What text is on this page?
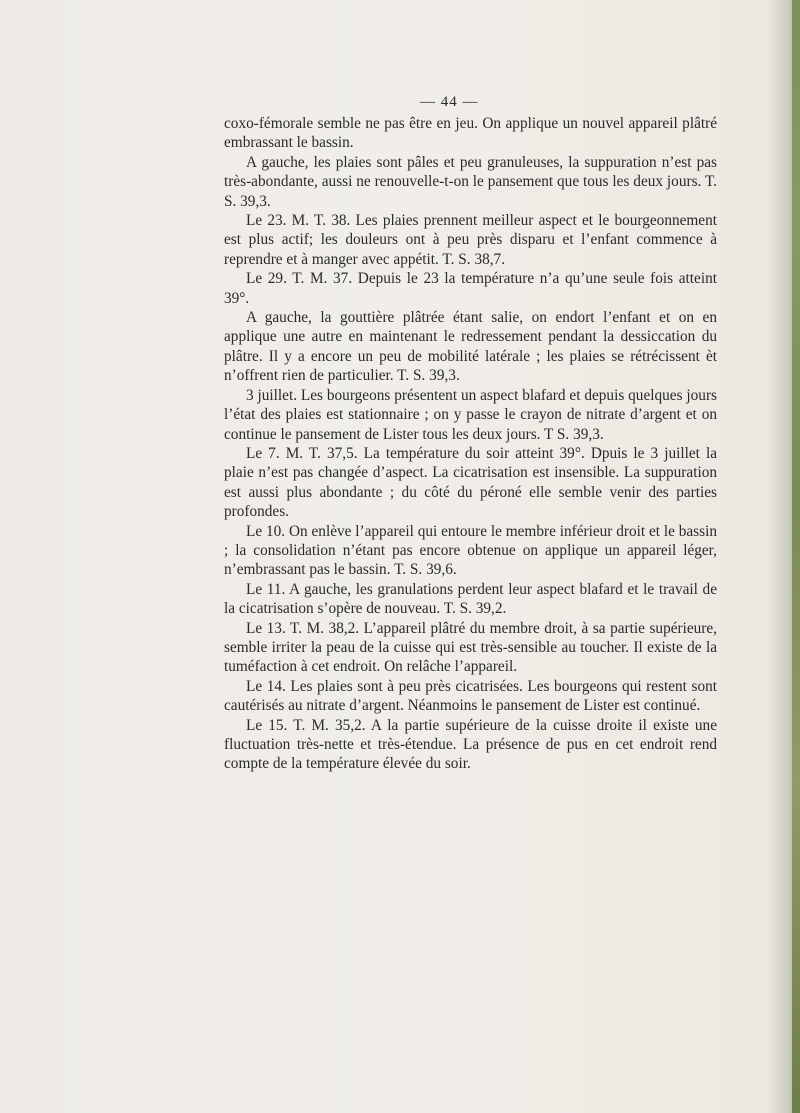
— 44 —

coxo-fémorale semble ne pas être en jeu. On applique un nouvel appareil plâtré embrassant le bassin.

A gauche, les plaies sont pâles et peu granuleuses, la suppuration n’est pas très-abondante, aussi ne renouvelle-t-on le pansement que tous les deux jours. T. S. 39,3.

Le 23. M. T. 38. Les plaies prennent meilleur aspect et le bourgeonnement est plus actif; les douleurs ont à peu près disparu et l’enfant commence à reprendre et à manger avec appétit. T. S. 38,7.

Le 29. T. M. 37. Depuis le 23 la température n’a qu’une seule fois atteint 39°.

A gauche, la gouttière plâtrée étant salie, on endort l’enfant et on en applique une autre en maintenant le redressement pendant la dessiccation du plâtre. Il y a encore un peu de mobilité latérale ; les plaies se rétrécissent èt n’offrent rien de particulier. T. S. 39,3.

3 juillet. Les bourgeons présentent un aspect blafard et depuis quelques jours l’état des plaies est stationnaire ; on y passe le crayon de nitrate d’argent et on continue le pansement de Lister tous les deux jours. T S. 39,3.

Le 7. M. T. 37,5. La température du soir atteint 39°. Dpuis le 3 juillet la plaie n’est pas changée d’aspect. La cicatrisation est insensible. La suppuration est aussi plus abondante ; du côté du péroné elle semble venir des parties profondes.

Le 10. On enlève l’appareil qui entoure le membre inférieur droit et le bassin ; la consolidation n’étant pas encore obtenue on applique un appareil léger, n’embrassant pas le bassin. T. S. 39,6.

Le 11. A gauche, les granulations perdent leur aspect blafard et le travail de la cicatrisation s’opère de nouveau. T. S. 39,2.

Le 13. T. M. 38,2. L’appareil plâtré du membre droit, à sa partie supérieure, semble irriter la peau de la cuisse qui est très-sensible au toucher. Il existe de la tuméfaction à cet endroit. On relâche l’appareil.

Le 14. Les plaies sont à peu près cicatrisées. Les bourgeons qui restent sont cautérisés au nitrate d’argent. Néanmoins le pansement de Lister est continué.

Le 15. T. M. 35,2. A la partie supérieure de la cuisse droite il existe une fluctuation très-nette et très-étendue. La présence de pus en cet endroit rend compte de la température élevée du soir.
